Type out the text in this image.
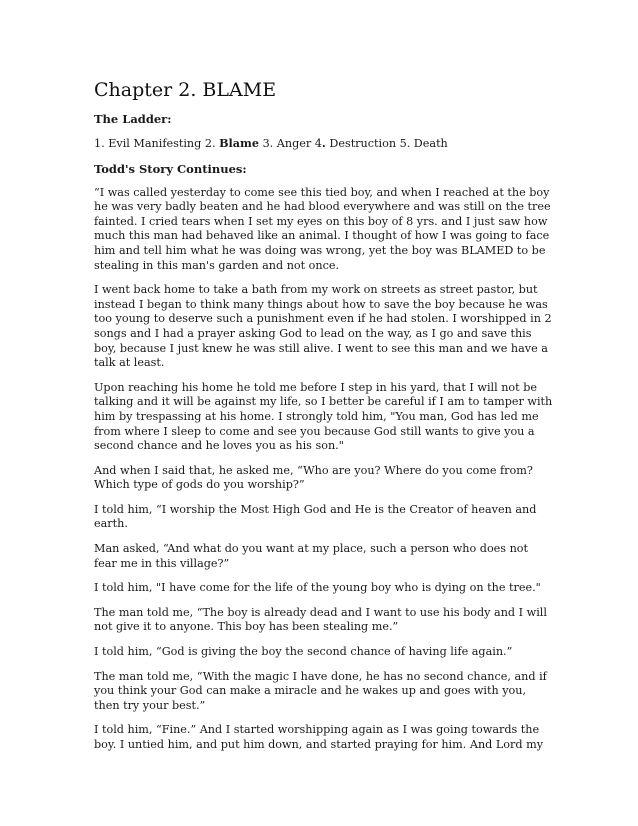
Chapter 2. BLAME
The Ladder:

1. Evil Manifesting 2. Blame 3. Anger 4. Destruction 5. Death

Todd's Story Continues:

“I was called yesterday to come see this tied boy, and when I reached at the boy he was very badly beaten and he had blood everywhere and was still on the tree fainted. I cried tears when I set my eyes on this boy of 8 yrs. and I just saw how much this man had behaved like an animal. I thought of how I was going to face him and tell him what he was doing was wrong, yet the boy was BLAMED to be stealing in this man's garden and not once.

I went back home to take a bath from my work on streets as street pastor, but instead I began to think many things about how to save the boy because he was too young to deserve such a punishment even if he had stolen. I worshipped in 2 songs and I had a prayer asking God to lead on the way, as I go and save this boy, because I just knew he was still alive. I went to see this man and we have a talk at least.

Upon reaching his home he told me before I step in his yard, that I will not be talking and it will be against my life, so I better be careful if I am to tamper with him by trespassing at his home. I strongly told him, "You man, God has led me from where I sleep to come and see you because God still wants to give you a second chance and he loves you as his son."

And when I said that, he asked me, “Who are you? Where do you come from? Which type of gods do you worship?”

I told him, “I worship the Most High God and He is the Creator of heaven and earth.

Man asked, “And what do you want at my place, such a person who does not fear me in this village?”

I told him, "I have come for the life of the young boy who is dying on the tree."

The man told me, “The boy is already dead and I want to use his body and I will not give it to anyone. This boy has been stealing me.”

I told him, “God is giving the boy the second chance of having life again.”

The man told me, “With the magic I have done, he has no second chance, and if you think your God can make a miracle and he wakes up and goes with you, then try your best.”

I told him, “Fine.” And I started worshipping again as I was going towards the boy. I untied him, and put him down, and started praying for him. And Lord my
